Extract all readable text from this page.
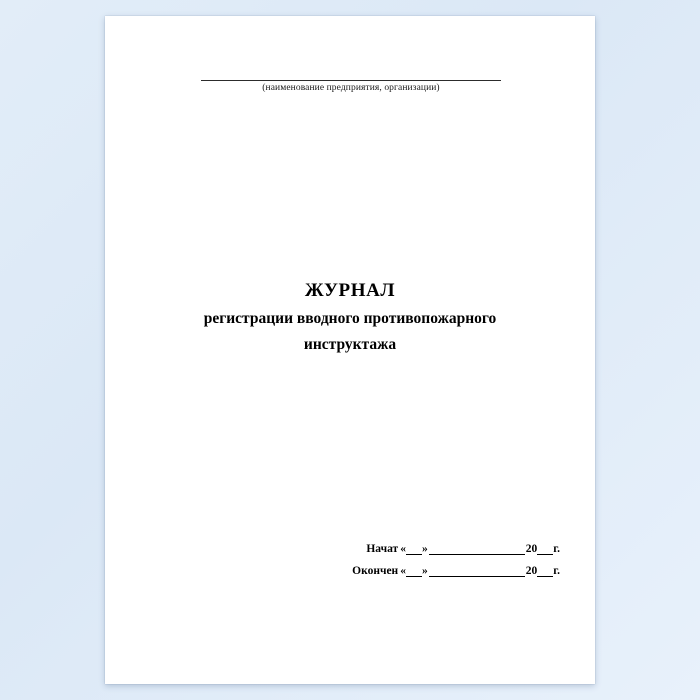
(наименование предприятия, организации)
ЖУРНАЛ
регистрации вводного противопожарного
инструктажа
Начат « »	20 г.
Окончен « »	20 г.
